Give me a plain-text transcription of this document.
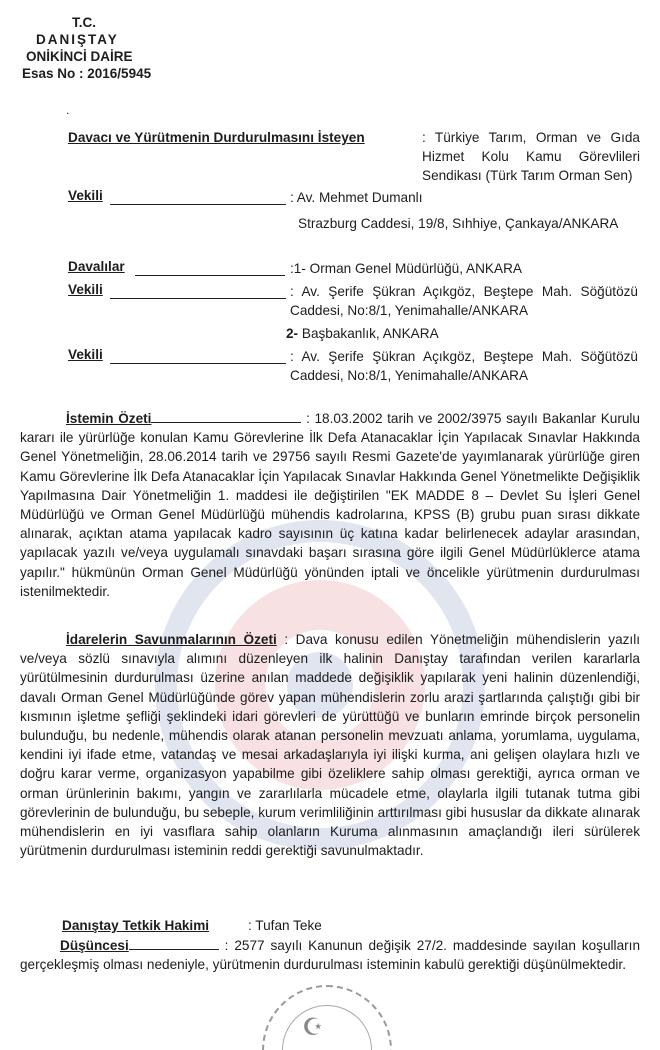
T.C.
DANIŞTAY
ONİKİNCİ DAİRE
Esas No : 2016/5945
.
Davacı ve Yürütmenin Durdurulmasını İsteyen	: Türkiye Tarım, Orman ve Gıda Hizmet Kolu Kamu Görevlileri Sendikası (Türk Tarım Orman Sen)
Vekili	: Av. Mehmet Dumanlı
Strazburg Caddesi, 19/8, Sıhhiye, Çankaya/ANKARA
Davalılar	:1- Orman Genel Müdürlüğü, ANKARA
Vekili	: Av. Şerife Şükran Açıkgöz, Beştepe Mah. Söğütözü Caddesi, No:8/1, Yenimahalle/ANKARA
2- Başbakanlık, ANKARA
Vekili	: Av. Şerife Şükran Açıkgöz, Beştepe Mah. Söğütözü Caddesi, No:8/1, Yenimahalle/ANKARA
İstemin Özeti	: 18.03.2002 tarih ve 2002/3975 sayılı Bakanlar Kurulu kararı ile yürürlüğe konulan Kamu Görevlerine İlk Defa Atanacaklar İçin Yapılacak Sınavlar Hakkında Genel Yönetmeliğin, 28.06.2014 tarih ve 29756 sayılı Resmi Gazete'de yayımlanarak yürürlüğe giren Kamu Görevlerine İlk Defa Atanacaklar İçin Yapılacak Sınavlar Hakkında Genel Yönetmelikte Değişiklik Yapılmasına Dair Yönetmeliğin 1. maddesi ile değiştirilen "EK MADDE 8 – Devlet Su İşleri Genel Müdürlüğü ve Orman Genel Müdürlüğü mühendis kadrolarına, KPSS (B) grubu puan sırası dikkate alınarak, açıktan atama yapılacak kadro sayısının üç katına kadar belirlenecek adaylar arasından, yapılacak yazılı ve/veya uygulamalı sınavdaki başarı sırasına göre ilgili Genel Müdürlüklerce atama yapılır." hükmünün Orman Genel Müdürlüğü yönünden iptali ve öncelikle yürütmenin durdurulması istenilmektedir.
İdarelerin Savunmalarının Özeti : Dava konusu edilen Yönetmeliğin mühendislerin yazılı ve/veya sözlü sınavıyla alımını düzenleyen ilk halinin Danıştay tarafından verilen kararlarla yürütülmesinin durdurulması üzerine anılan maddede değişiklik yapılarak yeni halinin düzenlendiği, davalı Orman Genel Müdürlüğünde görev yapan mühendislerin zorlu arazi şartlarında çalıştığı gibi bir kısmının işletme şefliği şeklindeki idari görevleri de yürüttüğü ve bunların emrinde birçok personelin bulunduğu, bu nedenle, mühendis olarak atanan personelin mevzuatı anlama, yorumlama, uygulama, kendini iyi ifade etme, vatandaş ve mesai arkadaşlarıyla iyi ilişki kurma, ani gelişen olaylara hızlı ve doğru karar verme, organizasyon yapabilme gibi özeliklere sahip olması gerektiği, ayrıca orman ve orman ürünlerinin bakımı, yangın ve zararlılarla mücadele etme, olaylarla ilgili tutanak tutma gibi görevlerinin de bulunduğu, bu sebeple, kurum verimliliğinin arttırılması gibi hususlar da dikkate alınarak mühendislerin en iyi vasıflara sahip olanların Kuruma alınmasının amaçlandığı ileri sürülerek yürütmenin durdurulması isteminin reddi gerektiği savunulmaktadır.
Danıştay Tetkik Hakimi	: Tufan Teke
Düşüncesi	: 2577 sayılı Kanunun değişik 27/2. maddesinde sayılan koşulların gerçekleşmiş olması nedeniyle, yürütmenin durdurulması isteminin kabulü gerektiği düşünülmektedir.
☪
